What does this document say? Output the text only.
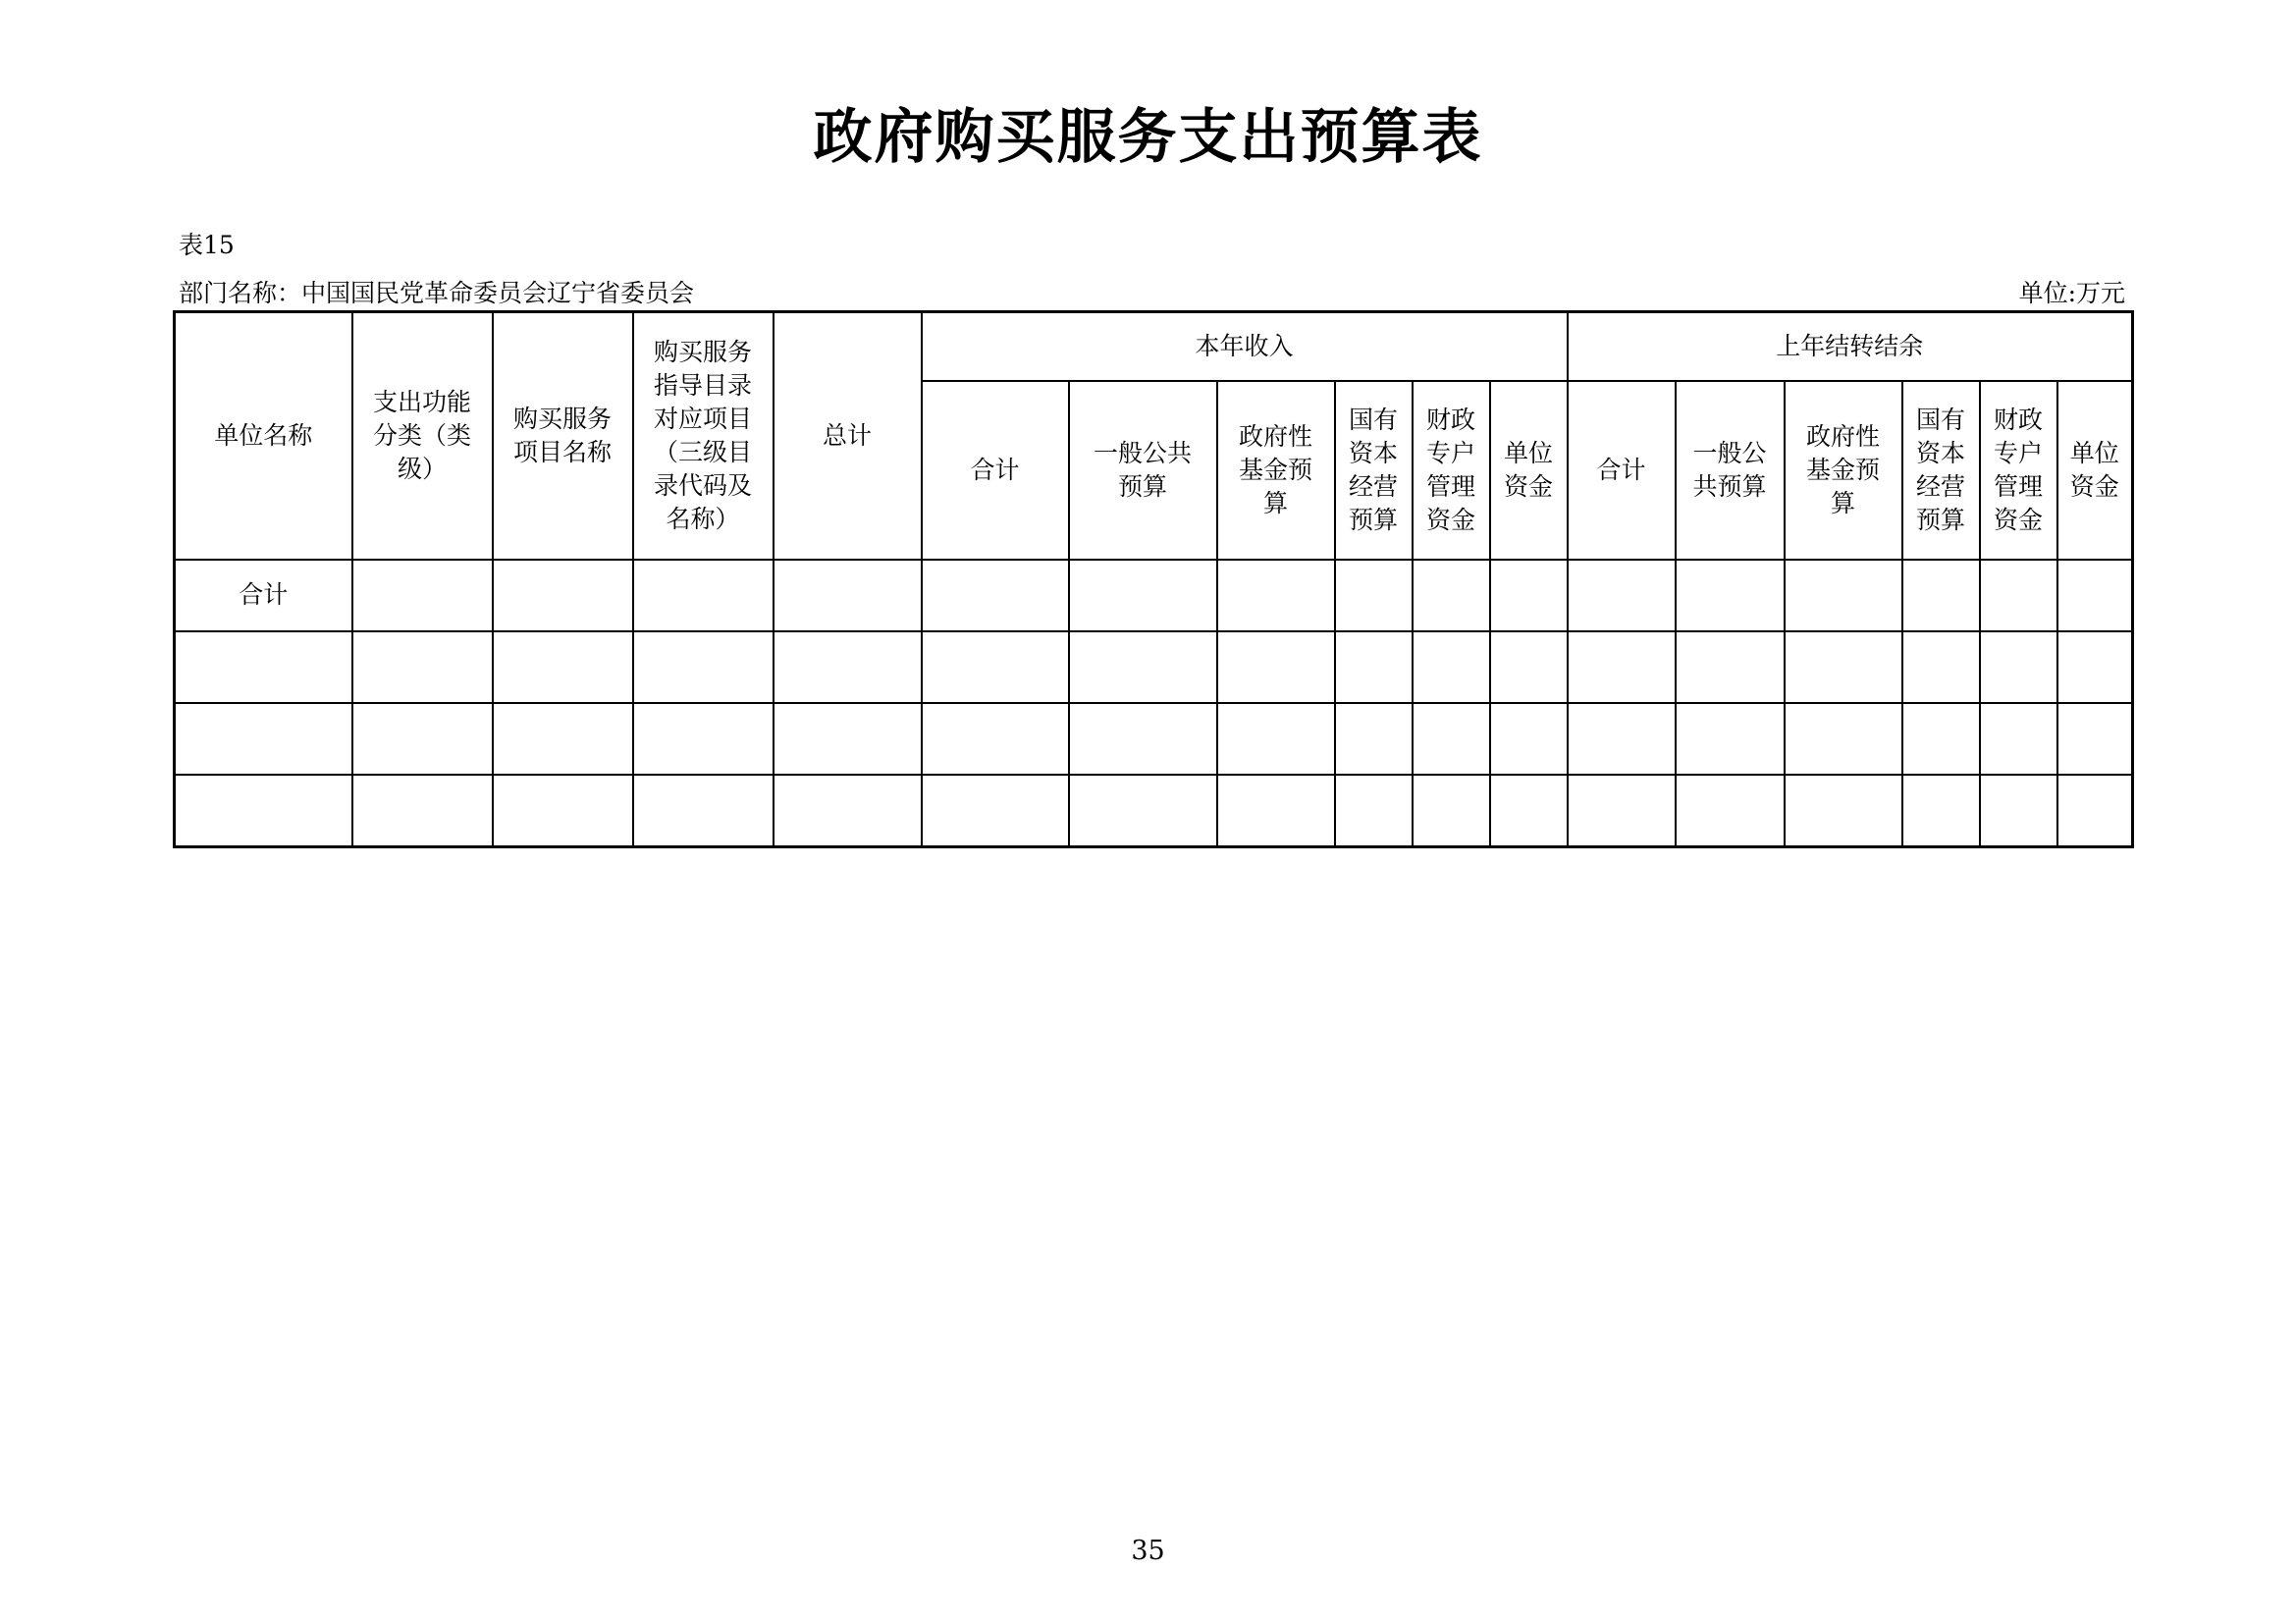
政府购买服务支出预算表
表15
部门名称：中国国民党革命委员会辽宁省委员会	单位:万元
单位名称	支出功能分类（类级）	购买服务项目名称	购买服务指导目录对应项目（三级目录代码及名称）	总计	本年收入						上年结转结余					
					合计	一般公共预算	政府性基金预算	国有资本经营预算	财政专户管理资金	单位资金	合计	一般公共预算	政府性基金预算	国有资本经营预算	财政专户管理资金	单位资金
合计																

35
